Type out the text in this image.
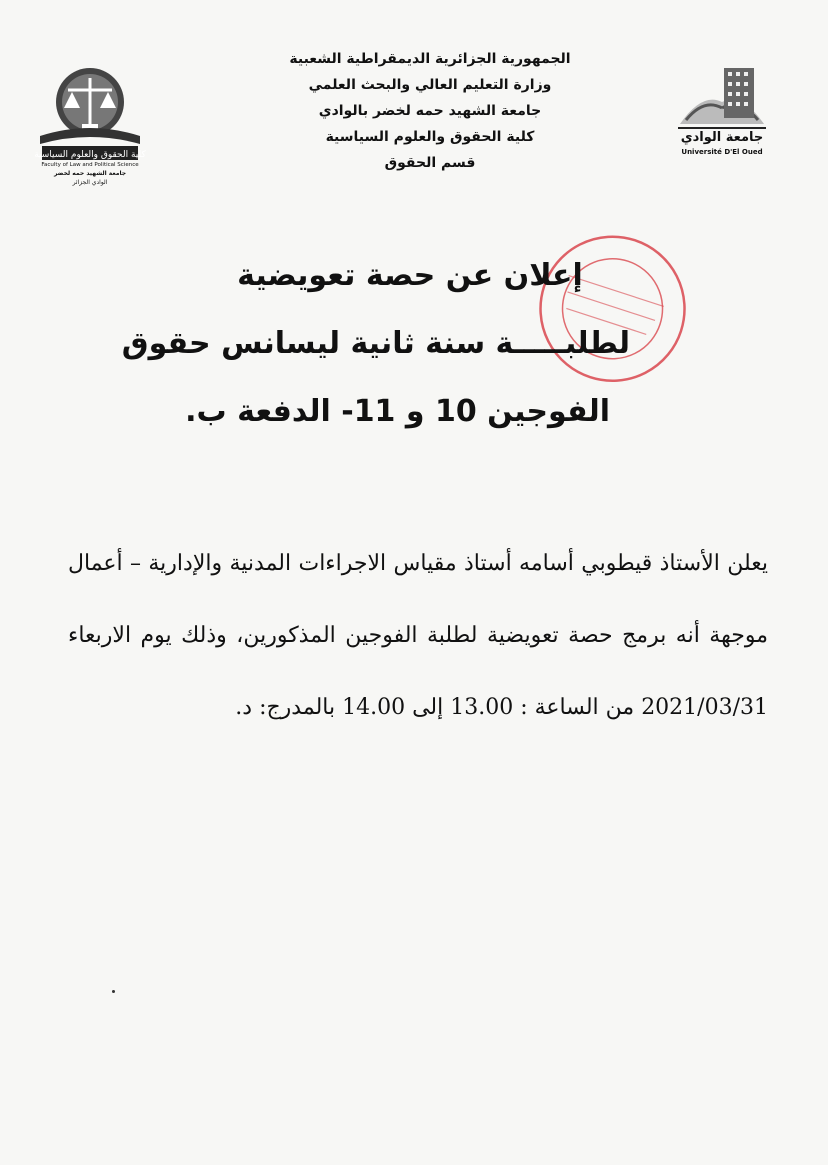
كلية الحقوق والعلوم السياسية
Faculty of Law and Political Science
جامعة الشهيد حمه لخضر
الوادي الجزائر
الجمهورية الجزائرية الديمقراطية الشعبية
وزارة التعليم العالي والبحث العلمي
جامعة الشهيد حمه لخضر بالوادي
كلية الحقوق والعلوم السياسية
قسم الحقوق
جامعة الوادي
Université D'El Oued
إعلان عن حصة تعويضية
لطلبـــــة سنة ثانية ليسانس حقوق
الفوجين 10 و 11- الدفعة ب.
يعلن الأستاذ قيطوبي أسامه أستاذ مقياس الاجراءات المدنية والإدارية – أعمال موجهة أنه برمج حصة تعويضية لطلبة الفوجين المذكورين، وذلك يوم الاربعاء 2021/03/31 من الساعة : 13.00 إلى 14.00 بالمدرج: د.
